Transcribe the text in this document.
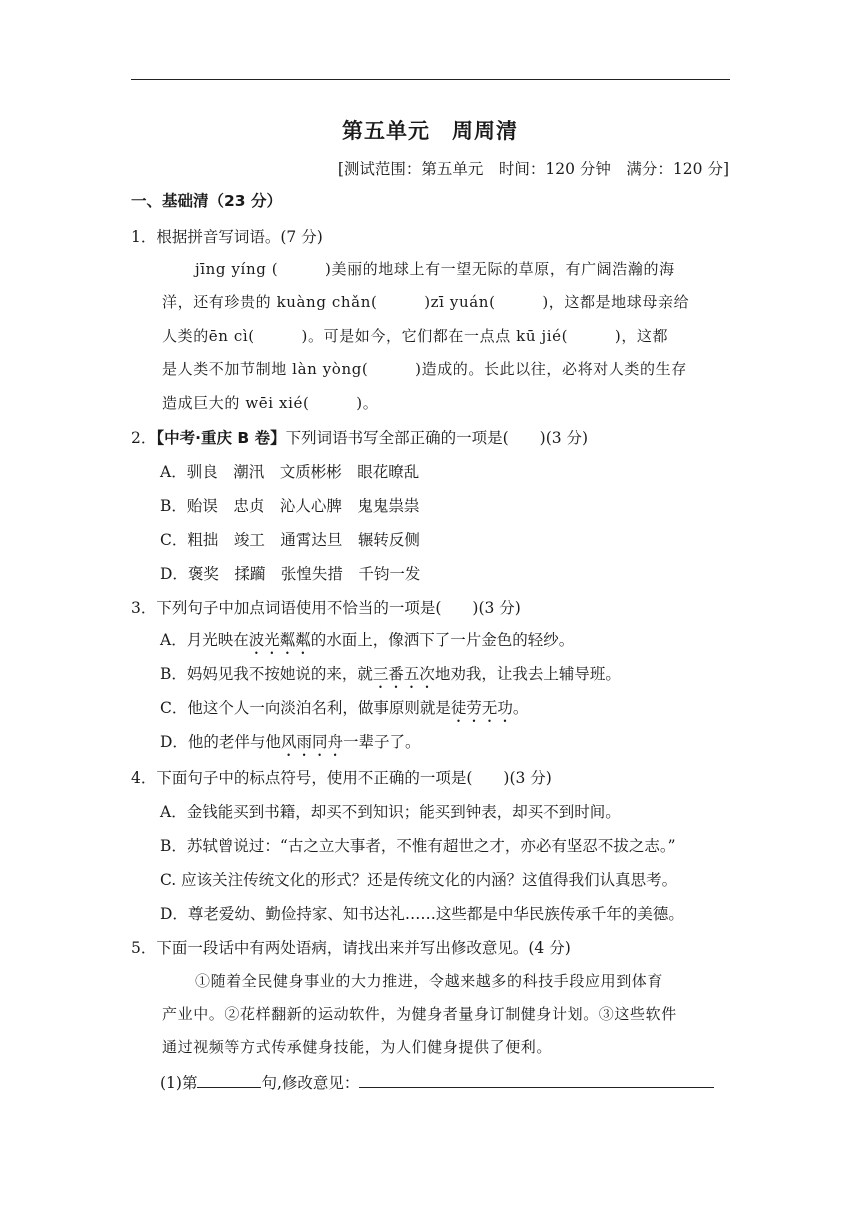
第五单元　周周清
[测试范围：第五单元　时间：120 分钟　满分：120 分]
一、基础清（23 分）
1．根据拼音写词语。(7 分)
jīng yíng (　　　)美丽的地球上有一望无际的草原，有广阔浩瀚的海
洋，还有珍贵的 kuàng chǎn(　　　)zī yuán(　　　)，这都是地球母亲给
人类的ēn cì(　　　)。可是如今，它们都在一点点 kū jié(　　　)，这都
是人类不加节制地 làn yòng(　　　)造成的。长此以往，必将对人类的生存
造成巨大的 wēi xié(　　　)。
2．【中考·重庆 B 卷】下列词语书写全部正确的一项是(　　)(3 分)
A．驯良　潮汛　文质彬彬　眼花暸乱
B．贻误　忠贞　沁人心脾　鬼鬼祟祟
C．粗拙　竣工　通霄达旦　辗转反侧
D．褒奖　揉躏　张惶失措　千钧一发
3．下列句子中加点词语使用不恰当的一项是(　　)(3 分)
A．月光映在波光粼粼的水面上，像洒下了一片金色的轻纱。
B．妈妈见我不按她说的来，就三番五次地劝我，让我去上辅导班。
C．他这个人一向淡泊名利，做事原则就是徒劳无功。
D．他的老伴与他风雨同舟一辈子了。
4．下面句子中的标点符号，使用不正确的一项是(　　)(3 分)
A．金钱能买到书籍，却买不到知识；能买到钟表，却买不到时间。
B．苏轼曾说过：“古之立大事者，不惟有超世之才，亦必有坚忍不拔之志。”
C. 应该关注传统文化的形式？还是传统文化的内涵？这值得我们认真思考。
D．尊老爱幼、勤俭持家、知书达礼……这些都是中华民族传承千年的美德。
5．下面一段话中有两处语病，请找出来并写出修改意见。(4 分)
①随着全民健身事业的大力推进，令越来越多的科技手段应用到体育
产业中。②花样翻新的运动软件，为健身者量身订制健身计划。③这些软件
通过视频等方式传承健身技能，为人们健身提供了便利。
(1)第	句,修改意见：
